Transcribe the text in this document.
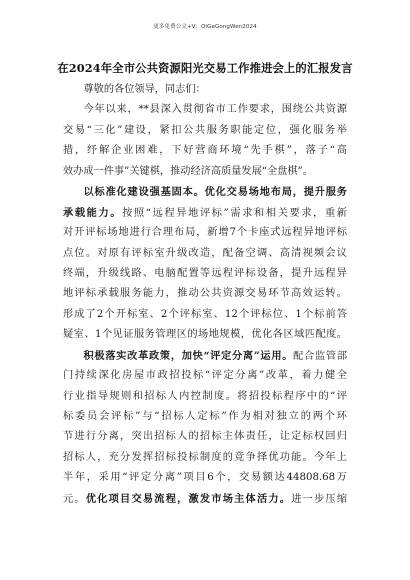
更多免费公文+V：QiGeGongWen2024
在2024年全市公共资源阳光交易工作推进会上的汇报发言
尊敬的各位领导，同志们：
今年以来，**县深入贯彻省市工作要求，围绕公共资源
交易“三化”建设，紧扣公共服务职能定位，强化服务举
措，纾解企业困难，下好营商环境“先手棋”，落子“高
效办成一件事”关键棋，推动经济高质量发展“全盘棋”。
以标准化建设强基固本。优化交易场地布局，提升服务
承载能力。按照“远程异地评标”需求和相关要求，重新
对开评标场地进行合理布局，新增7个卡座式远程异地评标
点位。对原有评标室升级改造，配备空调、高清视频会议
终端，升级线路、电脑配置等远程评标设备，提升远程异
地评标承载服务能力，推动公共资源交易环节高效运转。
形成了2个开标室、2个评标室、12个评标位、1个标前答
疑室、1个见证服务管理区的场地规模，优化各区域匹配度。
积极落实改革政策，加快“评定分离”运用。配合监管部
门持续深化房屋市政招投标“评定分离”改革，着力健全
行业指导规则和招标人内控制度。将招投标程序中的“评
标委员会评标”与“招标人定标”作为相对独立的两个环
节进行分离，突出招标人的招标主体责任，让定标权回归
招标人，充分发挥招标投标制度的竞争择优功能。今年上
半年，采用“评定分离”项目6个，交易额达44808.68万
元。优化项目交易流程，激发市场主体活力。进一步压缩
